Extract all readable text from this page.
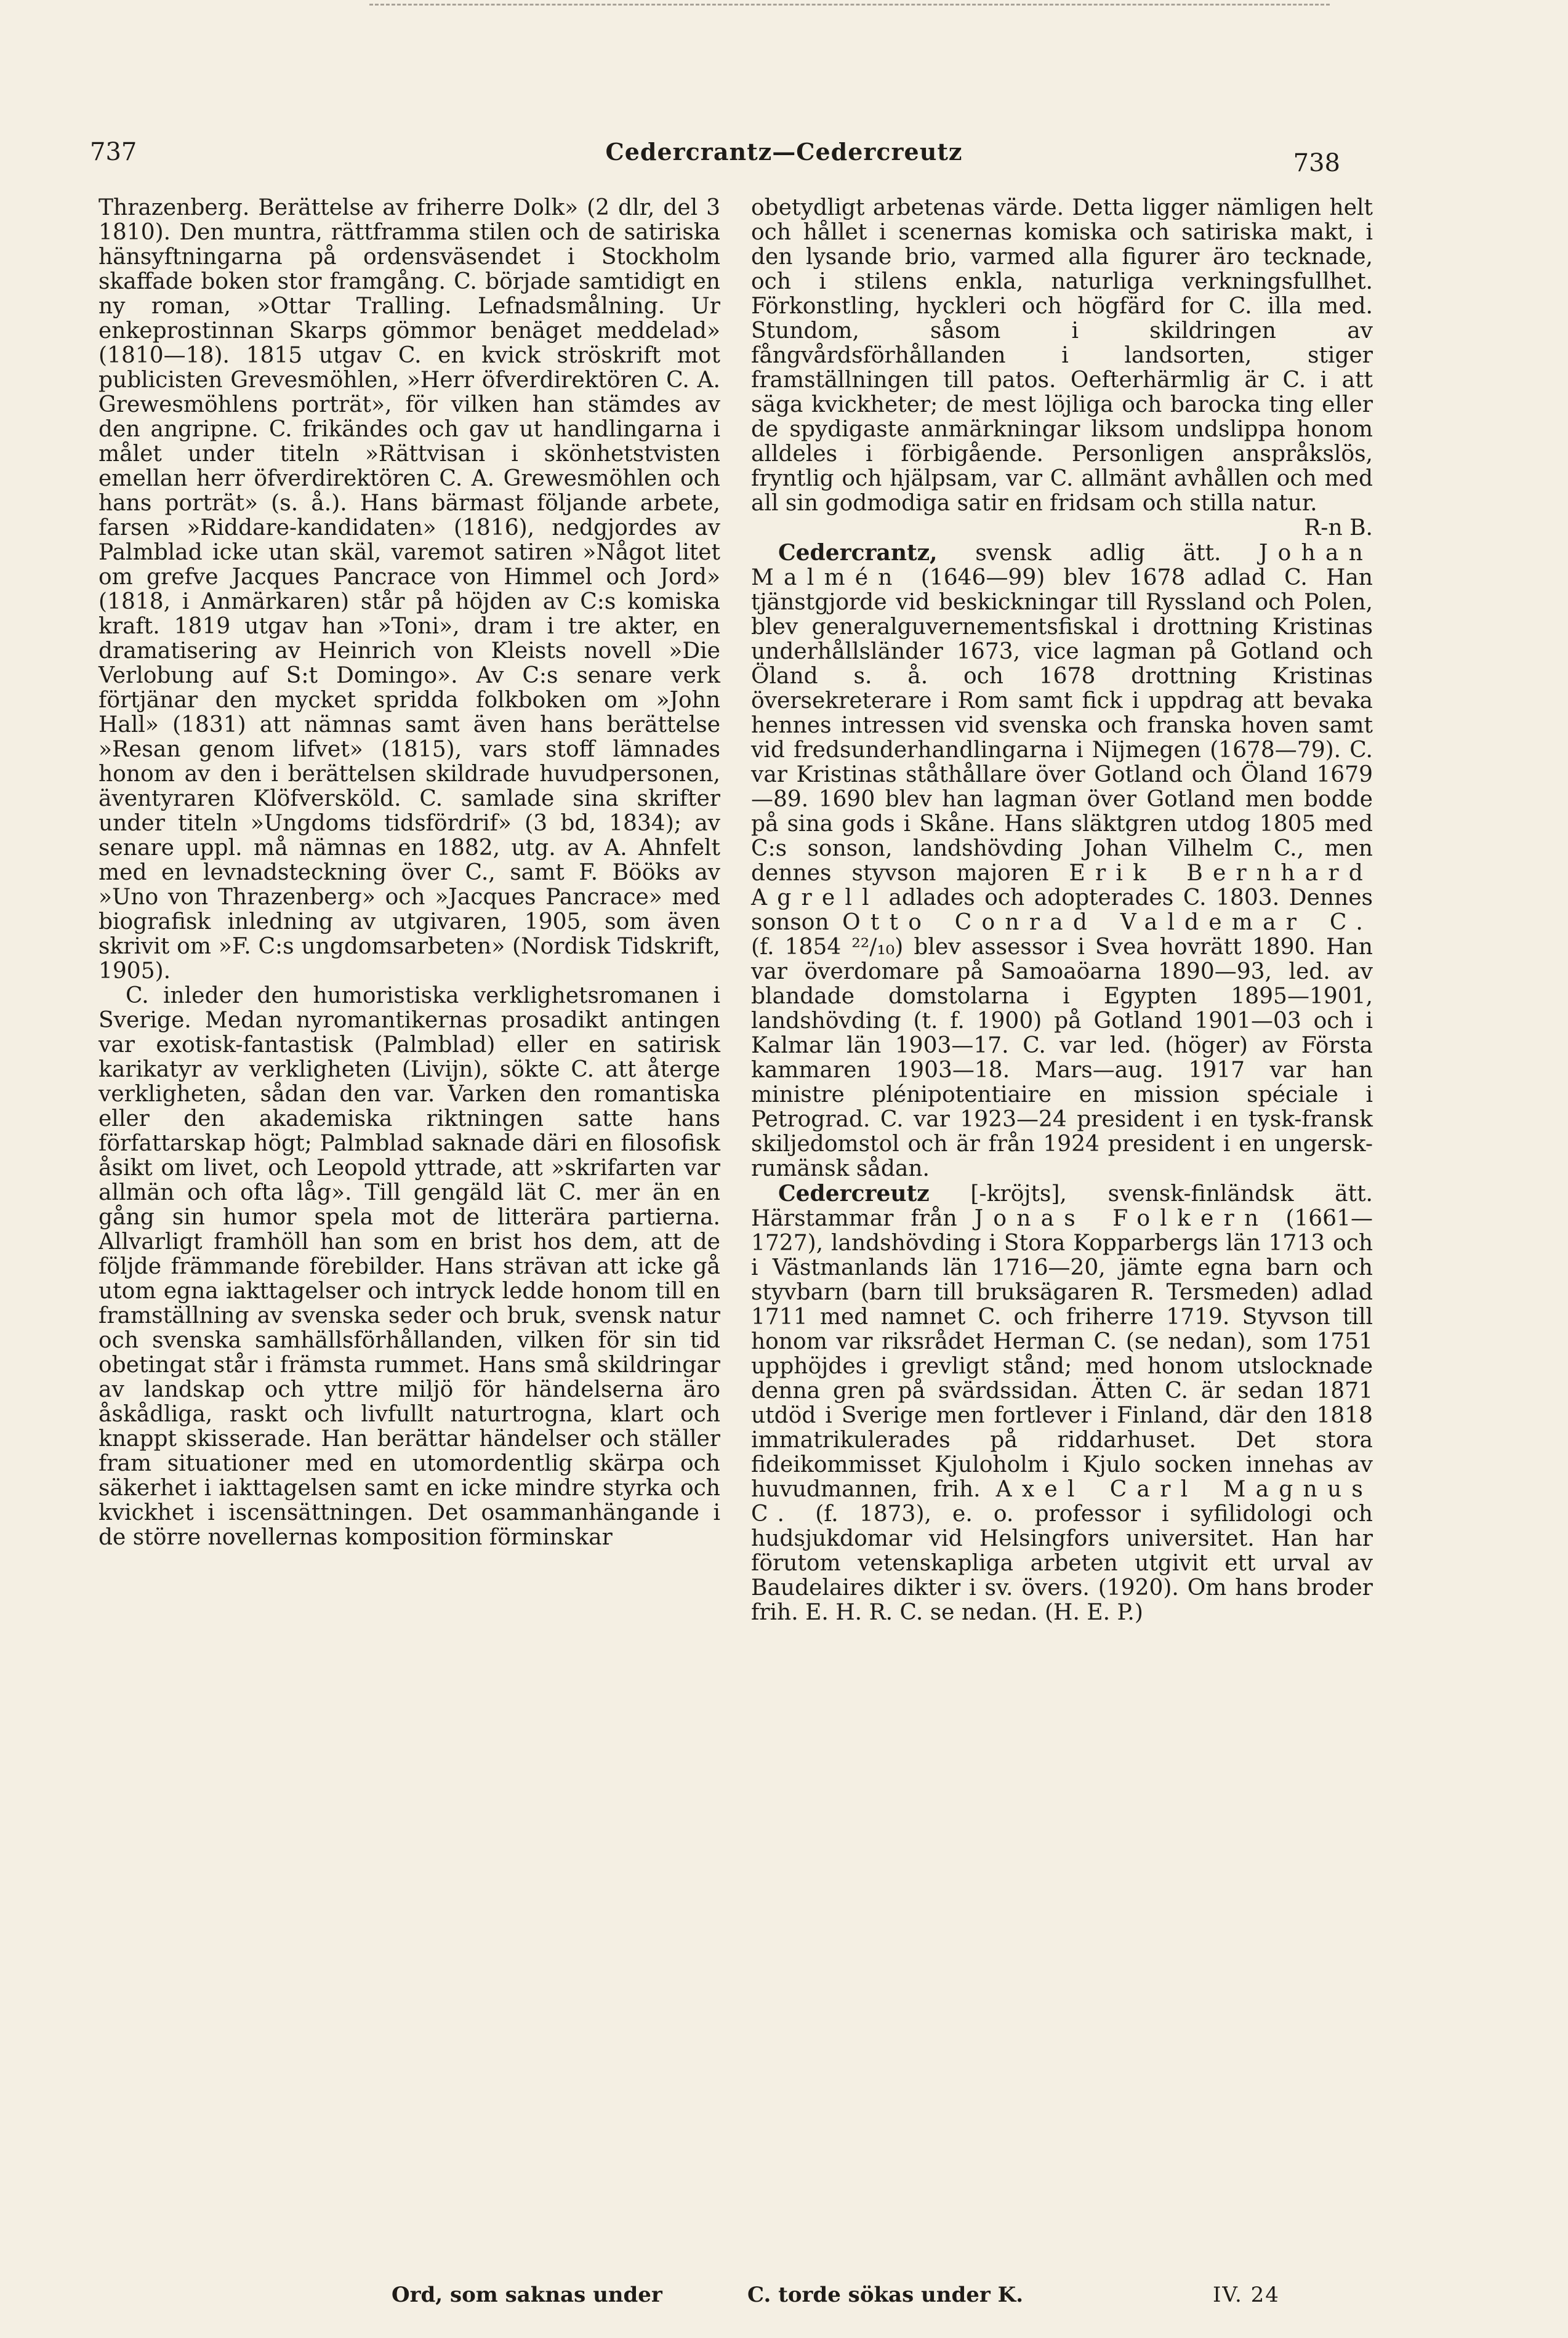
737	Cedercrantz—Cedercreutz	738

Thrazenberg. Berättelse av friherre Dolk» (2 dlr, del 3 1810). Den muntra, rättframma stilen och de satiriska hänsyftningarna på ordensväsendet i Stockholm skaffade boken stor framgång. C. började samtidigt en ny roman, »Ottar Tralling. Lefnadsmålning. Ur enkeprostinnan Skarps gömmor benäget meddelad» (1810—18). 1815 utgav C. en kvick ströskrift mot publicisten Grevesmöhlen, »Herr öfverdirektören C. A. Grewesmöhlens porträt», för vilken han stämdes av den angripne. C. frikändes och gav ut handlingarna i målet under titeln »Rättvisan i skönhetstvisten emellan herr öfverdirektören C. A. Grewesmöhlen och hans porträt» (s. å.). Hans bärmast följande arbete, farsen »Riddare-kandidaten» (1816), nedgjordes av Palmblad icke utan skäl, varemot satiren »Något litet om grefve Jacques Pancrace von Himmel och Jord» (1818, i Anmärkaren) står på höjden av C:s komiska kraft. 1819 utgav han »Toni», dram i tre akter, en dramatisering av Heinrich von Kleists novell »Die Verlobung auf S:t Domingo». Av C:s senare verk förtjänar den mycket spridda folkboken om »John Hall» (1831) att nämnas samt även hans berättelse »Resan genom lifvet» (1815), vars stoff lämnades honom av den i berättelsen skildrade huvudpersonen, äventyraren Klöfversköld. C. samlade sina skrifter under titeln »Ungdoms tidsfördrif» (3 bd, 1834); av senare uppl. må nämnas en 1882, utg. av A. Ahnfelt med en levnadsteckning över C., samt F. Bööks av »Uno von Thrazenberg» och »Jacques Pancrace» med biografisk inledning av utgivaren, 1905, som även skrivit om »F. C:s ungdomsarbeten» (Nordisk Tidskrift, 1905).

C. inleder den humoristiska verklighetsromanen i Sverige. Medan nyromantikernas prosadikt antingen var exotisk-fantastisk (Palmblad) eller en satirisk karikatyr av verkligheten (Livijn), sökte C. att återge verkligheten, sådan den var. Varken den romantiska eller den akademiska riktningen satte hans författarskap högt; Palmblad saknade däri en filosofisk åsikt om livet, och Leopold yttrade, att »skrifarten var allmän och ofta låg». Till gengäld lät C. mer än en gång sin humor spela mot de litterära partierna. Allvarligt framhöll han som en brist hos dem, att de följde främmande förebilder. Hans strävan att icke gå utom egna iakttagelser och intryck ledde honom till en framställning av svenska seder och bruk, svensk natur och svenska samhällsförhållanden, vilken för sin tid obetingat står i främsta rummet. Hans små skildringar av landskap och yttre miljö för händelserna äro åskådliga, raskt och livfullt naturtrogna, klart och knappt skisserade. Han berättar händelser och ställer fram situationer med en utomordentlig skärpa och säkerhet i iakttagelsen samt en icke mindre styrka och kvickhet i iscensättningen. Det osammanhängande i de större novellernas komposition förminskar

obetydligt arbetenas värde. Detta ligger nämligen helt och hållet i scenernas komiska och satiriska makt, i den lysande brio, varmed alla figurer äro tecknade, och i stilens enkla, naturliga verkningsfullhet. Förkonstling, hyckleri och högfärd for C. illa med. Stundom, såsom i skildringen av fångvårdsförhållanden i landsorten, stiger framställningen till patos. Oefterhärmlig är C. i att säga kvickheter; de mest löjliga och barocka ting eller de spydigaste anmärkningar liksom undslippa honom alldeles i förbigående. Personligen anspråkslös, fryntlig och hjälpsam, var C. allmänt avhållen och med all sin godmodiga satir en fridsam och stilla natur.
R-n B.

Cedercrantz, svensk adlig ätt. Johan Malmén (1646—99) blev 1678 adlad C. Han tjänstgjorde vid beskickningar till Ryssland och Polen, blev generalguvernementsfiskal i drottning Kristinas underhållsländer 1673, vice lagman på Gotland och Öland s. å. och 1678 drottning Kristinas översekreterare i Rom samt fick i uppdrag att bevaka hennes intressen vid svenska och franska hoven samt vid fredsunderhandlingarna i Nijmegen (1678—79). C. var Kristinas ståthållare över Gotland och Öland 1679—89. 1690 blev han lagman över Gotland men bodde på sina gods i Skåne. Hans släktgren utdog 1805 med C:s sonson, landshövding Johan Vilhelm C., men dennes styvson majoren Erik Bernhard Agrell adlades och adopterades C. 1803. Dennes sonson Otto Conrad Valdemar C. (f. 1854 ²²/₁₀) blev assessor i Svea hovrätt 1890. Han var överdomare på Samoaöarna 1890—93, led. av blandade domstolarna i Egypten 1895—1901, landshövding (t. f. 1900) på Gotland 1901—03 och i Kalmar län 1903—17. C. var led. (höger) av Första kammaren 1903—18. Mars—aug. 1917 var han ministre plénipotentiaire en mission spéciale i Petrograd. C. var 1923—24 president i en tysk-fransk skiljedomstol och är från 1924 president i en ungersk-rumänsk sådan.

Cedercreutz [-kröjts], svensk-finländsk ätt. Härstammar från Jonas Folkern (1661—1727), landshövding i Stora Kopparbergs län 1713 och i Västmanlands län 1716—20, jämte egna barn och styvbarn (barn till bruksägaren R. Tersmeden) adlad 1711 med namnet C. och friherre 1719. Styvson till honom var riksrådet Herman C. (se nedan), som 1751 upphöjdes i grevligt stånd; med honom utslocknade denna gren på svärdssidan. Ätten C. är sedan 1871 utdöd i Sverige men fortlever i Finland, där den 1818 immatrikulerades på riddarhuset. Det stora fideikommisset Kjuloholm i Kjulo socken innehas av huvudmannen, frih. Axel Carl Magnus C. (f. 1873), e. o. professor i syfilidologi och hudsjukdomar vid Helsingfors universitet. Han har förutom vetenskapliga arbeten utgivit ett urval av Baudelaires dikter i sv. övers. (1920). Om hans broder frih. E. H. R. C. se nedan. (H. E. P.)

Ord, som saknas under	C. torde sökas under K.	IV. 24
